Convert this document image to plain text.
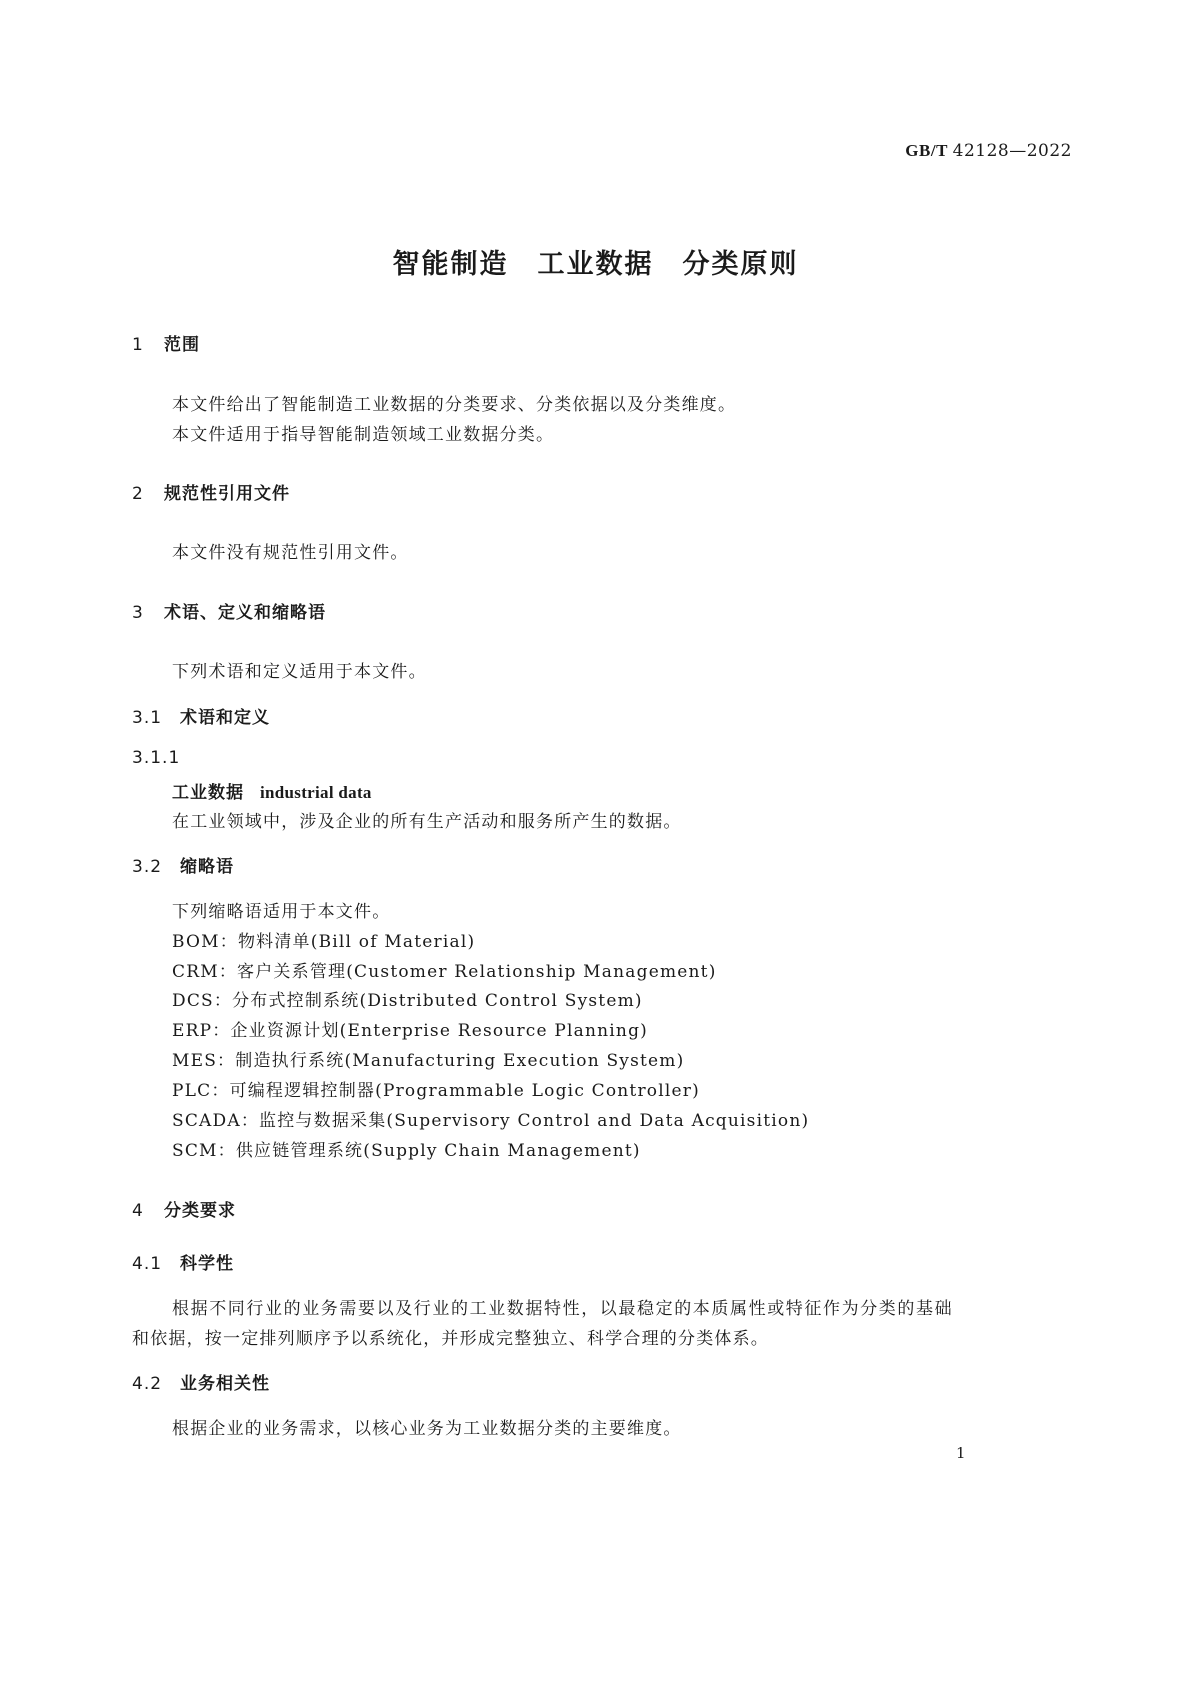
GB/T 42128—2022
智能制造　工业数据　分类原则
1 范围
本文件给出了智能制造工业数据的分类要求、分类依据以及分类维度。
本文件适用于指导智能制造领域工业数据分类。
2 规范性引用文件
本文件没有规范性引用文件。
3 术语、定义和缩略语
下列术语和定义适用于本文件。
3.1 术语和定义
3.1.1
工业数据 industrial data
在工业领域中，涉及企业的所有生产活动和服务所产生的数据。
3.2 缩略语
下列缩略语适用于本文件。
BOM：物料清单(Bill of Material)
CRM：客户关系管理(Customer Relationship Management)
DCS：分布式控制系统(Distributed Control System)
ERP：企业资源计划(Enterprise Resource Planning)
MES：制造执行系统(Manufacturing Execution System)
PLC：可编程逻辑控制器(Programmable Logic Controller)
SCADA：监控与数据采集(Supervisory Control and Data Acquisition)
SCM：供应链管理系统(Supply Chain Management)
4 分类要求
4.1 科学性
根据不同行业的业务需要以及行业的工业数据特性，以最稳定的本质属性或特征作为分类的基础
和依据，按一定排列顺序予以系统化，并形成完整独立、科学合理的分类体系。
4.2 业务相关性
根据企业的业务需求，以核心业务为工业数据分类的主要维度。
1
